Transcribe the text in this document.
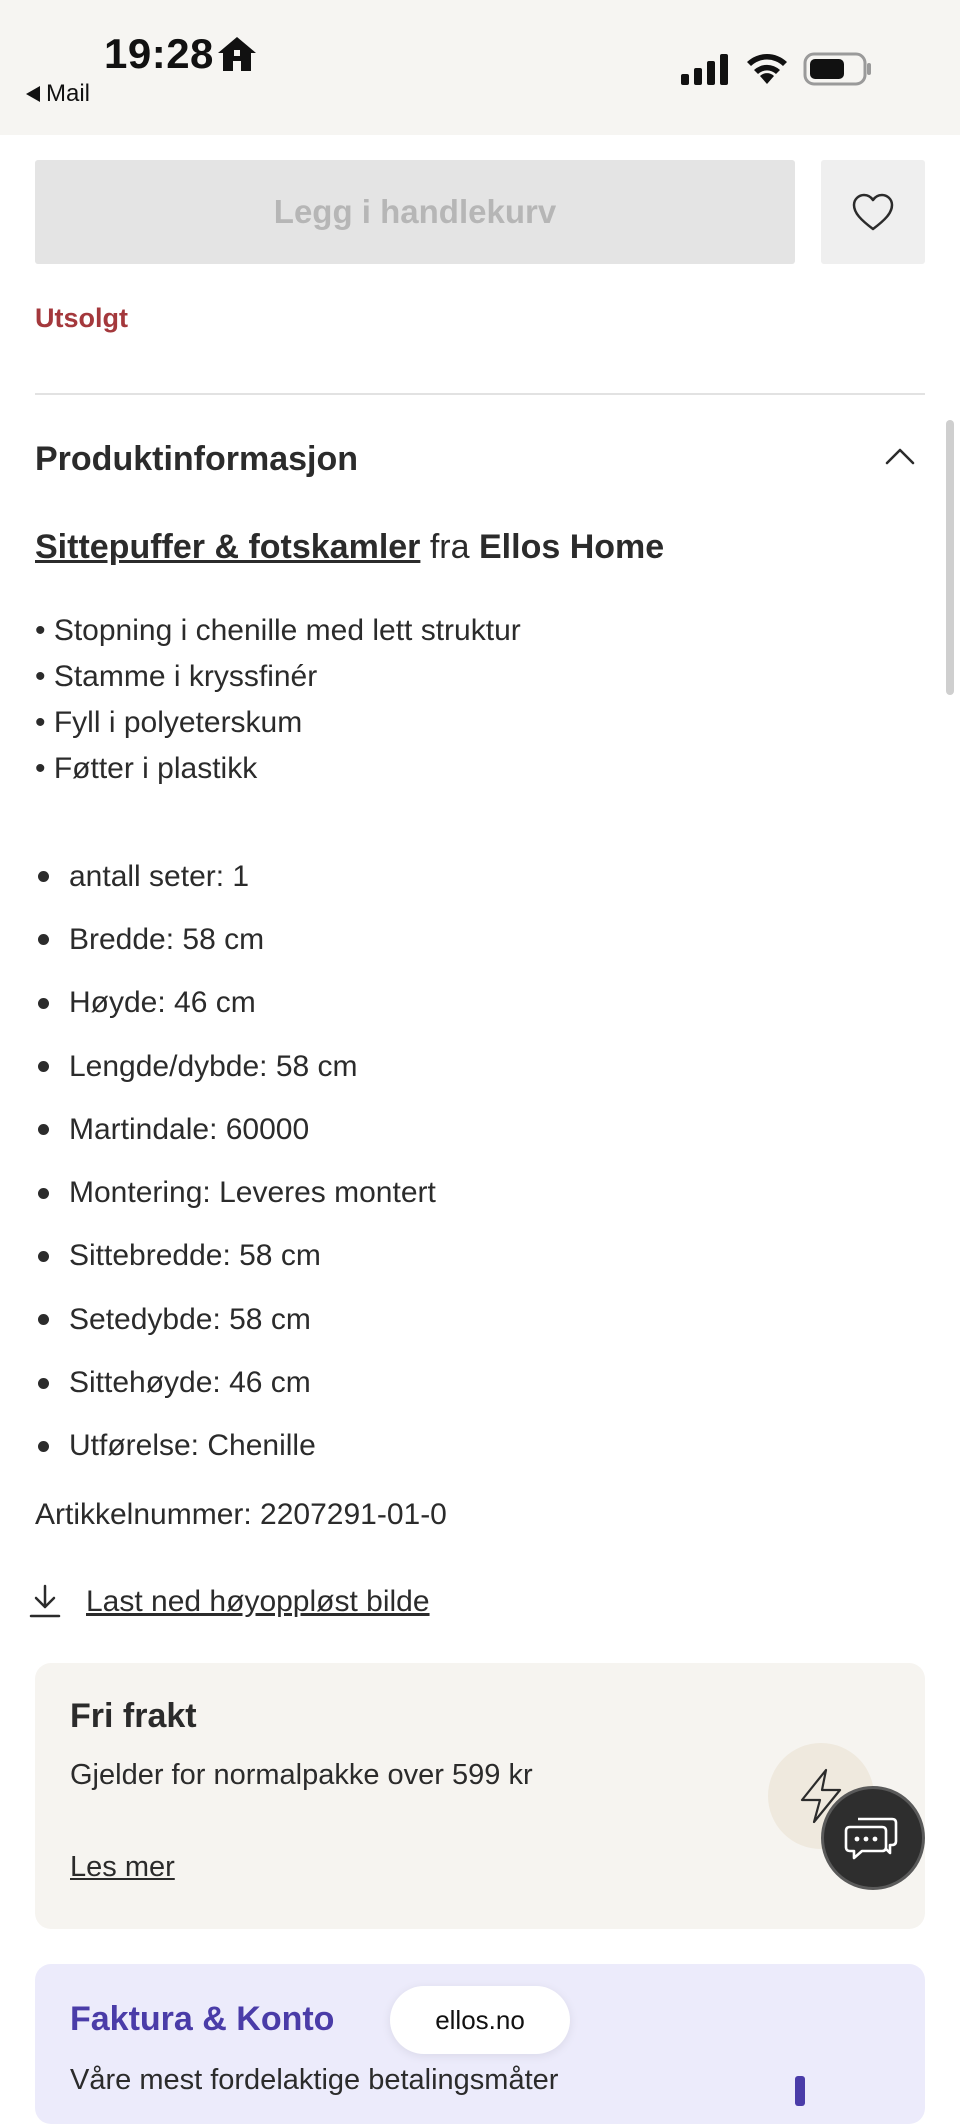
19:28
Mail
Legg i handlekurv
Utsolgt
Produktinformasjon
Sittepuffer & fotskamler fra Ellos Home
• Stopning i chenille med lett struktur
• Stamme i kryssfinér
• Fyll i polyeterskum
• Føtter i plastikk
antall seter: 1
Bredde: 58 cm
Høyde: 46 cm
Lengde/dybde: 58 cm
Martindale: 60000
Montering: Leveres montert
Sittebredde: 58 cm
Setedybde: 58 cm
Sittehøyde: 46 cm
Utførelse: Chenille
Artikkelnummer: 2207291-01-0
Last ned høyoppløst bilde
Fri frakt
Gjelder for normalpakke over 599 kr
Les mer
Faktura & Konto
Våre mest fordelaktige betalingsmåter
ellos.no
